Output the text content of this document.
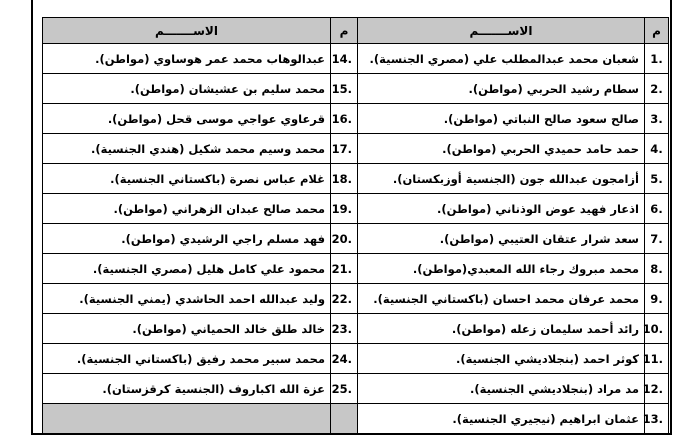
م	الاســـــــم	م	الاســـــــم
.1	شعبان محمد عبدالمطلب علي (مصري الجنسية).	.14	عبدالوهاب محمد عمر هوساوي (مواطن).
.2	سطام رشيد الحربي (مواطن).	.15	محمد سليم بن عشيشان (مواطن).
.3	صالح سعود صالح النباتي (مواطن).	.16	قرعاوي عواجي موسى قحل (مواطن).
.4	حمد حامد حميدي الحربي (مواطن).	.17	محمد وسيم محمد شكيل (هندي الجنسية).
.5	أزامجون عبدالله جون (الجنسية أوزبكستان).	.18	غلام عباس نصرة (باكستاني الجنسية).
.6	اذعار فهيد عوض الوذناني (مواطن).	.19	محمد صالح عبدان الزهراني (مواطن).
.7	سعد شرار عتقان العتيبي (مواطن).	.20	فهد مسلم راجي الرشيدي (مواطن).
.8	محمد مبروك رجاء الله المعبدي(مواطن).	.21	محمود علي كامل هليل (مصري الجنسية).
.9	محمد عرفان محمد احسان (باكستاني الجنسية).	.22	وليد عبدالله احمد الحاشدي (يمني الجنسية).
.10	رائد أحمد سليمان زعله (مواطن).	.23	خالد طلق خالد الحمياني (مواطن).
.11	كوثر احمد (بنجلاديشي الجنسية).	.24	محمد سبير محمد رفيق (باكستاني الجنسية).
.12	مد مراد (بنجلاديشي الجنسية).	.25	عزة الله اكباروف (الجنسية كرقزستان).
.13	عثمان ابراهيم (نيجيري الجنسية).		
